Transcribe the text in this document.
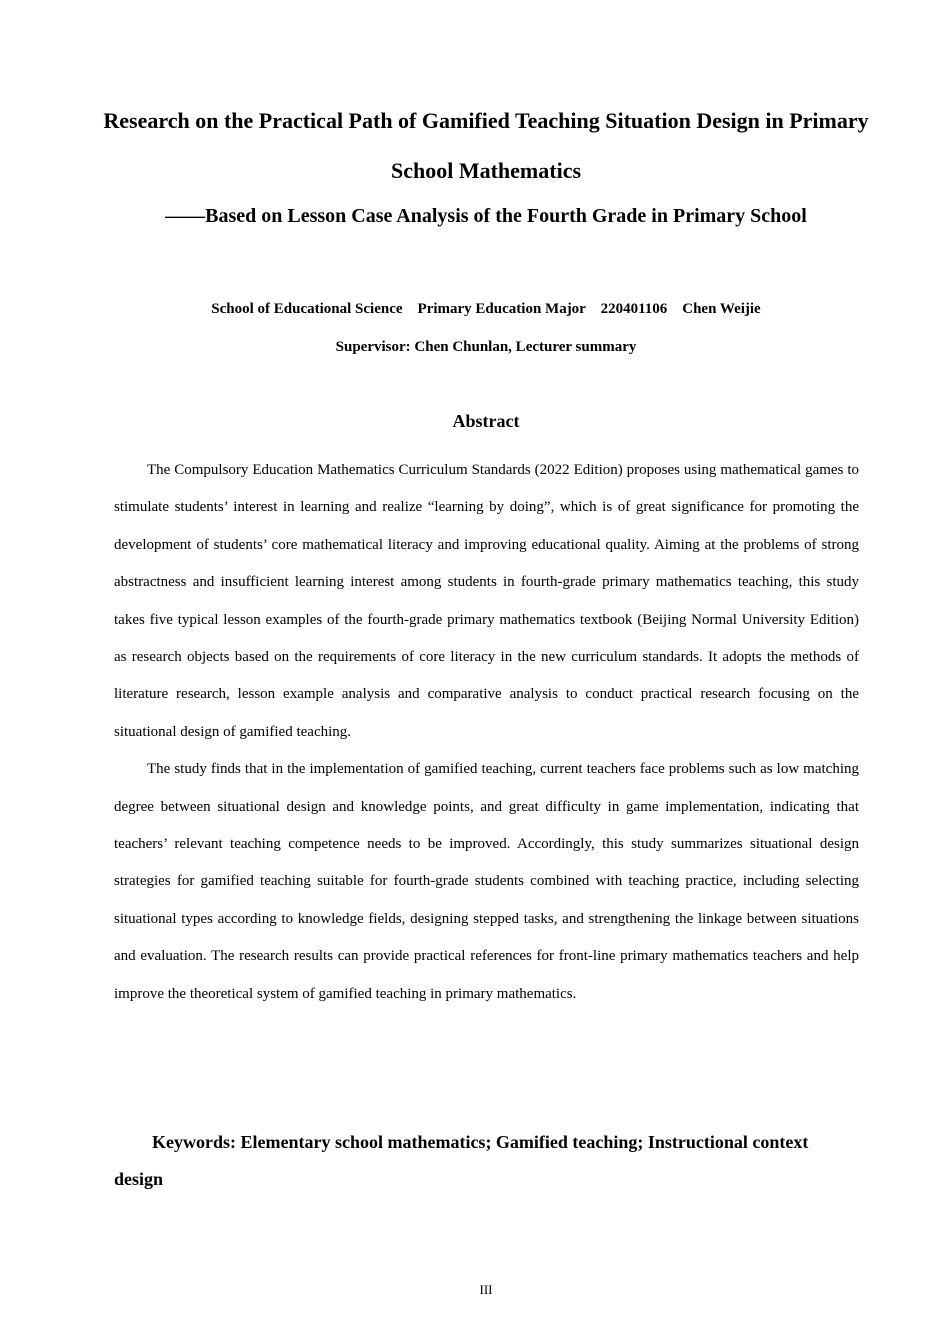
Research on the Practical Path of Gamified Teaching Situation Design in Primary School Mathematics
——Based on Lesson Case Analysis of the Fourth Grade in Primary School
School of Educational Science    Primary Education Major    220401106    Chen Weijie
Supervisor: Chen Chunlan, Lecturer summary
Abstract

The Compulsory Education Mathematics Curriculum Standards (2022 Edition) proposes using mathematical games to stimulate students’ interest in learning and realize “learning by doing”, which is of great significance for promoting the development of students’ core mathematical literacy and improving educational quality. Aiming at the problems of strong abstractness and insufficient learning interest among students in fourth-grade primary mathematics teaching, this study takes five typical lesson examples of the fourth-grade primary mathematics textbook (Beijing Normal University Edition) as research objects based on the requirements of core literacy in the new curriculum standards. It adopts the methods of literature research, lesson example analysis and comparative analysis to conduct practical research focusing on the situational design of gamified teaching.

The study finds that in the implementation of gamified teaching, current teachers face problems such as low matching degree between situational design and knowledge points, and great difficulty in game implementation, indicating that teachers’ relevant teaching competence needs to be improved. Accordingly, this study summarizes situational design strategies for gamified teaching suitable for fourth-grade students combined with teaching practice, including selecting situational types according to knowledge fields, designing stepped tasks, and strengthening the linkage between situations and evaluation. The research results can provide practical references for front-line primary mathematics teachers and help improve the theoretical system of gamified teaching in primary mathematics.

Keywords: Elementary school mathematics; Gamified teaching; Instructional context design

III
